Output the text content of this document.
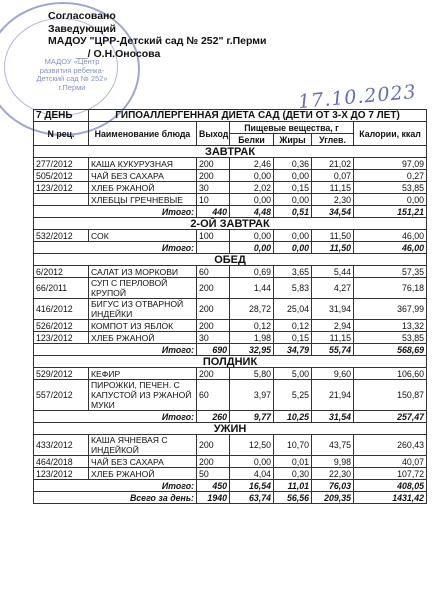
МАДОУ «Центр развития ребенка-Детский сад № 252» г.Перми
Согласовано
Заведующий
МАДОУ "ЦРР-Детский сад № 252" г.Перми
__/ О.Н.Оносова
17.10.2023
7 ДЕНЬ	ГИПОАЛЛЕРГЕННАЯ ДИЕТА САД (ДЕТИ ОТ 3-Х ДО 7 ЛЕТ)					
N рец.	Наименование блюда	Выход	Пищевые вещества, г			Калории, ккал
			Белки	Жиры	Углев.	
ЗАВТРАК						
277/2012	КАША КУКУРУЗНАЯ	200	2,46	0,36	21,02	97,09
505/2012	ЧАЙ БЕЗ САХАРА	200	0,00	0,00	0,07	0,27
123/2012	ХЛЕБ РЖАНОЙ	30	2,02	0,15	11,15	53,85
	ХЛЕБЦЫ ГРЕЧНЕВЫЕ	10	0,00	0,00	2,30	0,00
Итого:		440	4,48	0,51	34,54	151,21
2-ОЙ ЗАВТРАК						
532/2012	СОК	100	0,00	0,00	11,50	46,00
Итого:			0,00	0,00	11,50	46,00
ОБЕД						
6/2012	САЛАТ ИЗ МОРКОВИ	60	0,69	3,65	5,44	57,35
66/2011	СУП С ПЕРЛОВОЙ КРУПОЙ	200	1,44	5,83	4,27	76,18
416/2012	БИГУС ИЗ ОТВАРНОЙ ИНДЕЙКИ	200	28,72	25,04	31,94	367,99
526/2012	КОМПОТ ИЗ ЯБЛОК	200	0,12	0,12	2,94	13,32
123/2012	ХЛЕБ РЖАНОЙ	30	1,98	0,15	11,15	53,85
Итого:		690	32,95	34,79	55,74	568,69
ПОЛДНИК						
529/2012	КЕФИР	200	5,80	5,00	9,60	106,60
557/2012	ПИРОЖКИ, ПЕЧЕН. С КАПУСТОЙ ИЗ РЖАНОЙ МУКИ	60	3,97	5,25	21,94	150,87
Итого:		260	9,77	10,25	31,54	257,47
УЖИН						
433/2012	КАША ЯЧНЕВАЯ С ИНДЕЙКОЙ	200	12,50	10,70	43,75	260,43
464/2018	ЧАЙ БЕЗ САХАРА	200	0,00	0,01	9,98	40,07
123/2012	ХЛЕБ РЖАНОЙ	50	4,04	0,30	22,30	107,72
Итого:		450	16,54	11,01	76,03	408,05
Всего за день:		1940	63,74	56,56	209,35	1431,42
